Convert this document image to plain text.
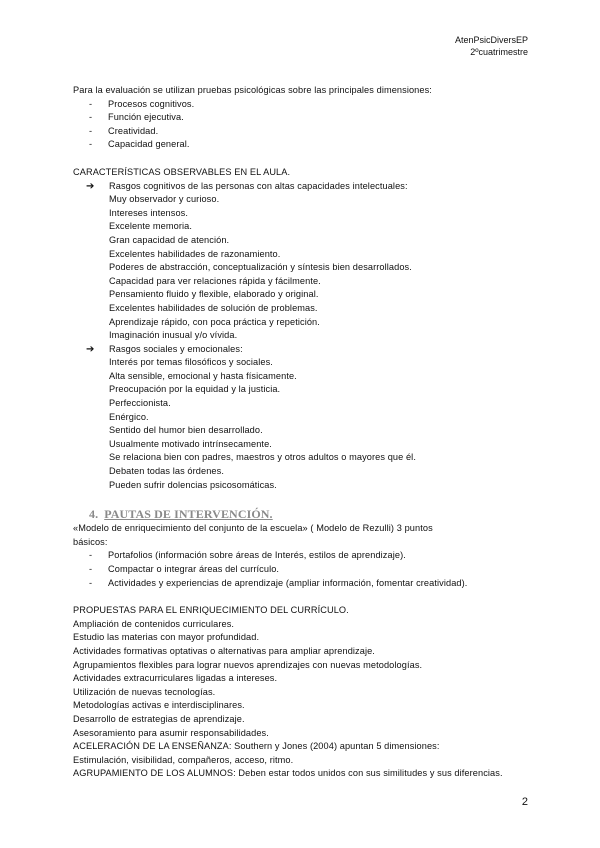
AtenPsicDiversEP
2ºcuatrimestre

Para la evaluación se utilizan pruebas psicológicas sobre las principales dimensiones:

- Procesos cognitivos.
- Función ejecutiva.
- Creatividad.
- Capacidad general.

CARACTERÍSTICAS OBSERVABLES EN EL AULA.

➔ Rasgos cognitivos de las personas con altas capacidades intelectuales:
Muy observador y curioso.
Intereses intensos.
Excelente memoria.
Gran capacidad de atención.
Excelentes habilidades de razonamiento.
Poderes de abstracción, conceptualización y síntesis bien desarrollados.
Capacidad para ver relaciones rápida y fácilmente.
Pensamiento fluido y flexible, elaborado y original.
Excelentes habilidades de solución de problemas.
Aprendizaje rápido, con poca práctica y repetición.
Imaginación inusual y/o vívida.
➔ Rasgos sociales y emocionales:
Interés por temas filosóficos y sociales.
Alta sensible, emocional y hasta físicamente.
Preocupación por la equidad y la justicia.
Perfeccionista.
Enérgico.
Sentido del humor bien desarrollado.
Usualmente motivado intrínsecamente.
Se relaciona bien con padres, maestros y otros adultos o mayores que él.
Debaten todas las órdenes.
Pueden sufrir dolencias psicosomáticas.
4. PAUTAS DE INTERVENCIÓN.

«Modelo de enriquecimiento del conjunto de la escuela» ( Modelo de Rezulli) 3 puntos

básicos:

- Portafolios (información sobre áreas de Interés, estilos de aprendizaje).
- Compactar o integrar áreas del currículo.
- Actividades y experiencias de aprendizaje (ampliar información, fomentar creatividad).

PROPUESTAS PARA EL ENRIQUECIMIENTO DEL CURRÍCULO.

Ampliación de contenidos curriculares.

Estudio las materias con mayor profundidad.

Actividades formativas optativas o alternativas para ampliar aprendizaje.

Agrupamientos flexibles para lograr nuevos aprendizajes con nuevas metodologías.

Actividades extracurriculares ligadas a intereses.

Utilización de nuevas tecnologías.

Metodologías activas e interdisciplinares.

Desarrollo de estrategias de aprendizaje.

Asesoramiento para asumir responsabilidades.

ACELERACIÓN DE LA ENSEÑANZA: Southern y Jones (2004) apuntan 5 dimensiones:

Estimulación, visibilidad, compañeros, acceso, ritmo.

AGRUPAMIENTO DE LOS ALUMNOS: Deben estar todos unidos con sus similitudes y sus diferencias.

2
